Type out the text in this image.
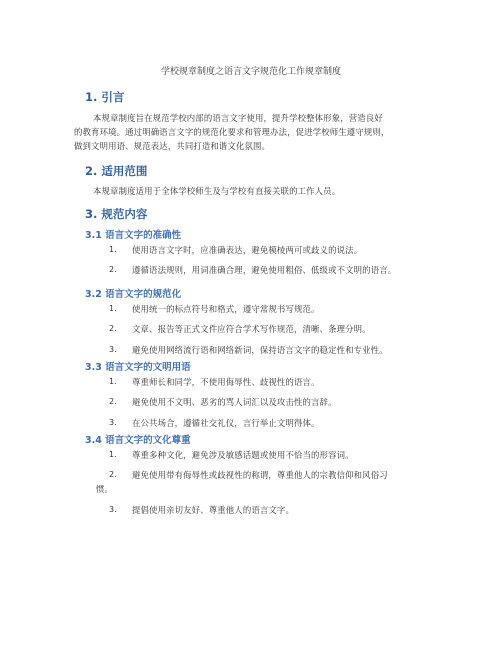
学校规章制度之语言文字规范化工作规章制度
1. 引言
本规章制度旨在规范学校内部的语言文字使用，提升学校整体形象，营造良好
的教育环境。通过明确语言文字的规范化要求和管理办法，促进学校师生遵守规则，
做到文明用语、规范表达，共同打造和谐文化氛围。
2. 适用范围
本规章制度适用于全体学校师生及与学校有直接关联的工作人员。
3. 规范内容
3.1 语言文字的准确性
1.	使用语言文字时，应准确表达，避免模棱两可或歧义的说法。
2.	遵循语法规则，用词准确合理，避免使用粗俗、低级或不文明的语言。
3.2 语言文字的规范化
1.	使用统一的标点符号和格式，遵守常规书写规范。
2.	文章、报告等正式文件应符合学术写作规范，清晰、条理分明。
3.	避免使用网络流行语和网络新词，保持语言文字的稳定性和专业性。
3.3 语言文字的文明用语
1.	尊重师长和同学，不使用侮辱性、歧视性的语言。
2.	避免使用不文明、恶劣的骂人词汇以及攻击性的言辞。
3.	在公共场合，遵循社交礼仪，言行举止文明得体。
3.4 语言文字的文化尊重
1.	尊重多种文化，避免涉及敏感话题或使用不恰当的形容词。
2.	避免使用带有侮辱性或歧视性的称谓，尊重他人的宗教信仰和风俗习
惯。
3.	提倡使用亲切友好、尊重他人的语言文字。
